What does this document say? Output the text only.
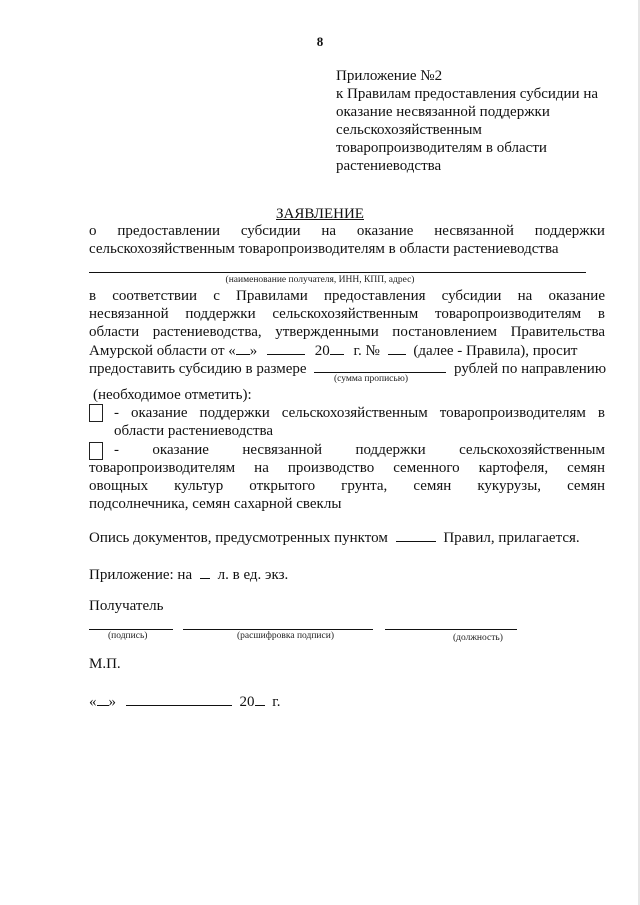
8
Приложение №2
к Правилам предоставления субсидии на
оказание несвязанной поддержки
сельскохозяйственным
товаропроизводителям в области
растениеводства
ЗАЯВЛЕНИЕ
о предоставлении субсидии на оказание несвязанной поддержки
сельскохозяйственным товаропроизводителям в области растениеводства
(наименование получателя, ИНН, КПП, адрес)
в соответствии с Правилами предоставления субсидии на оказание
несвязанной поддержки сельскохозяйственным товаропроизводителям в
области растениеводства, утвержденными постановлением Правительства
Амурской области от « »	20 г. № (далее - Правила), просит
предоставить субсидию в размере	рублей по направлению
(сумма прописью)
(необходимое отметить):
- оказание поддержки сельскохозяйственным товаропроизводителям в
области растениеводства
- оказание несвязанной поддержки сельскохозяйственным
товаропроизводителям на производство семенного картофеля, семян
овощных культур открытого грунта, семян кукурузы, семян
подсолнечника, семян сахарной свеклы
Опись документов, предусмотренных пунктом	Правил, прилагается.
Приложение: на л. в ед. экз.
Получатель
(подпись)	(расшифровка подписи)	(должность)
М.П.
« »	20 г.
